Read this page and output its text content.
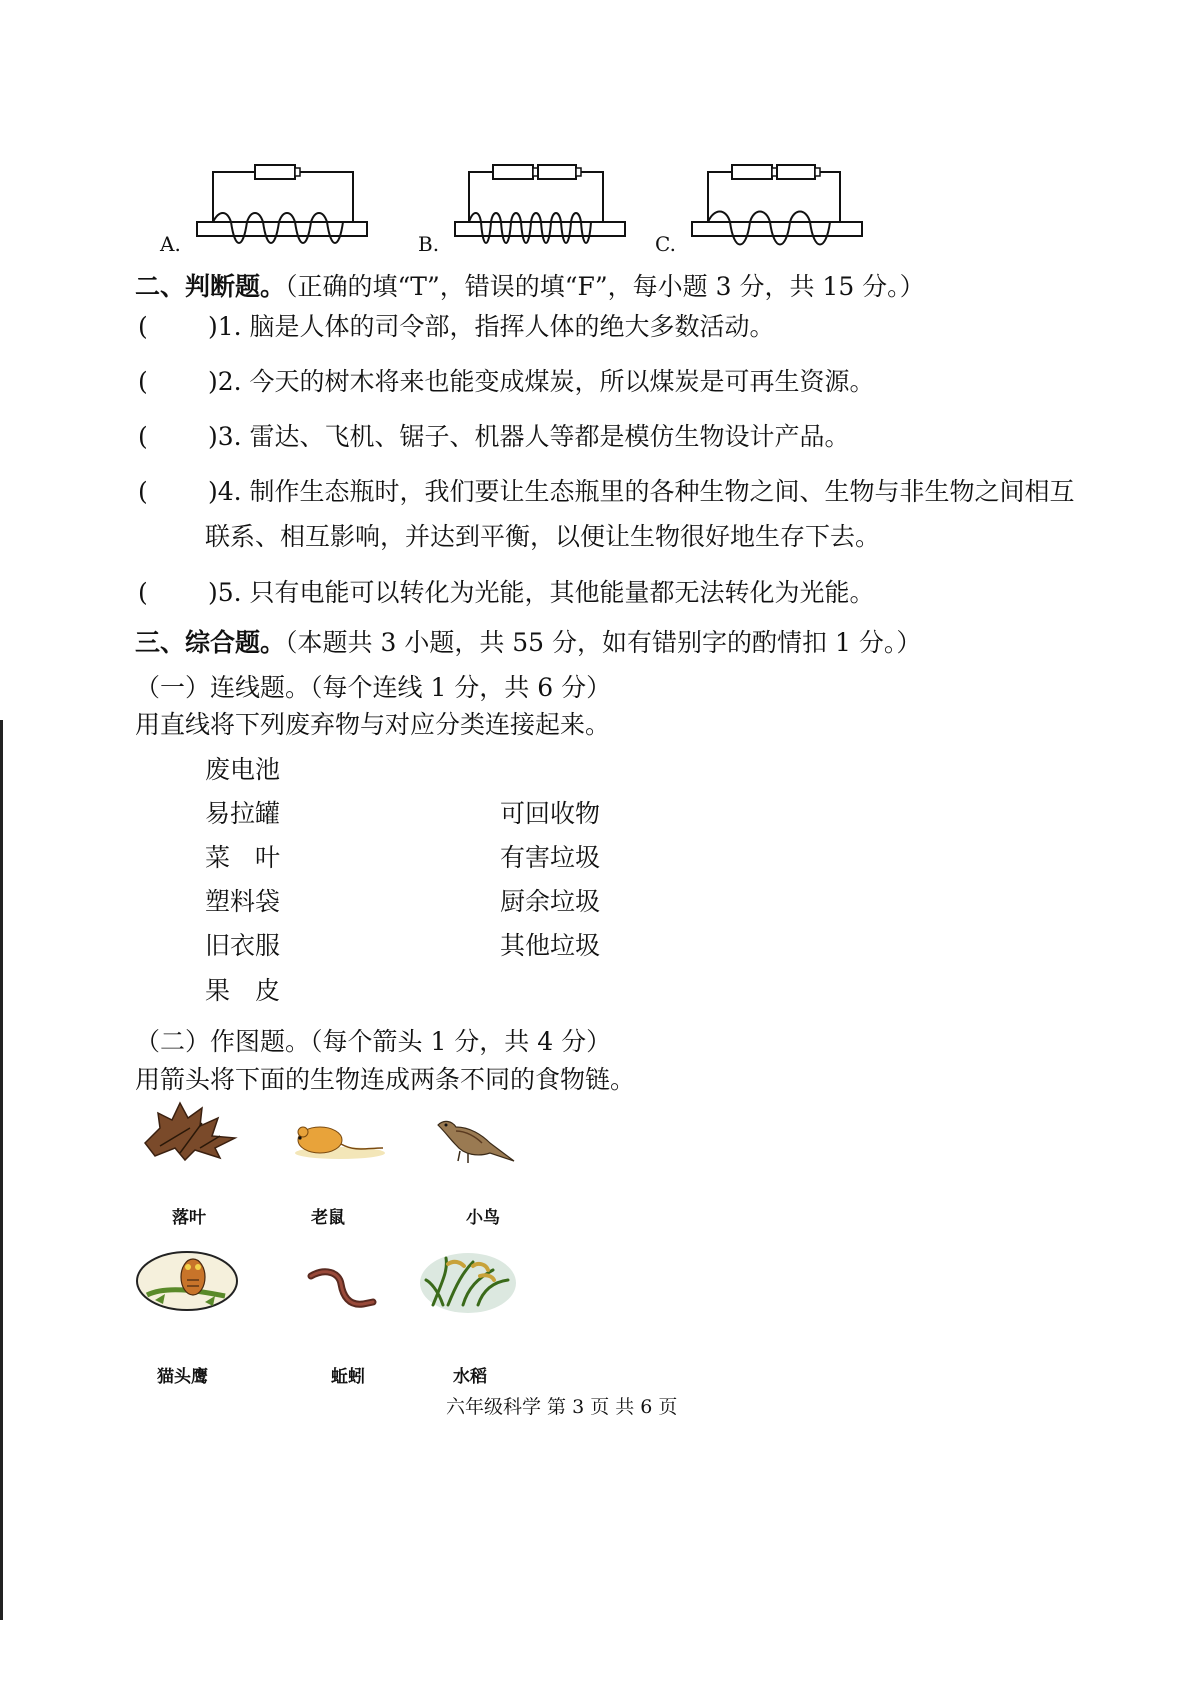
A.	B.	C.
二、判断题。（正确的填“T”，错误的填“F”，每小题 3 分，共 15 分。）
( )1. 脑是人体的司令部，指挥人体的绝大多数活动。
( )2. 今天的树木将来也能变成煤炭，所以煤炭是可再生资源。
( )3. 雷达、飞机、锯子、机器人等都是模仿生物设计产品。
( )4. 制作生态瓶时，我们要让生态瓶里的各种生物之间、生物与非生物之间相互
联系、相互影响，并达到平衡，以便让生物很好地生存下去。
( )5. 只有电能可以转化为光能，其他能量都无法转化为光能。
三、综合题。（本题共 3 小题，共 55 分，如有错别字的酌情扣 1 分。）
（一）连线题。（每个连线 1 分，共 6 分）
用直线将下列废弃物与对应分类连接起来。
废电池
易拉罐
菜　叶
塑料袋
旧衣服
果　皮
可回收物
有害垃圾
厨余垃圾
其他垃圾
（二）作图题。（每个箭头 1 分，共 4 分）
用箭头将下面的生物连成两条不同的食物链。
落叶	老鼠	小鸟
猫头鹰	蚯蚓	水稻
六年级科学 第 3 页 共 6 页
